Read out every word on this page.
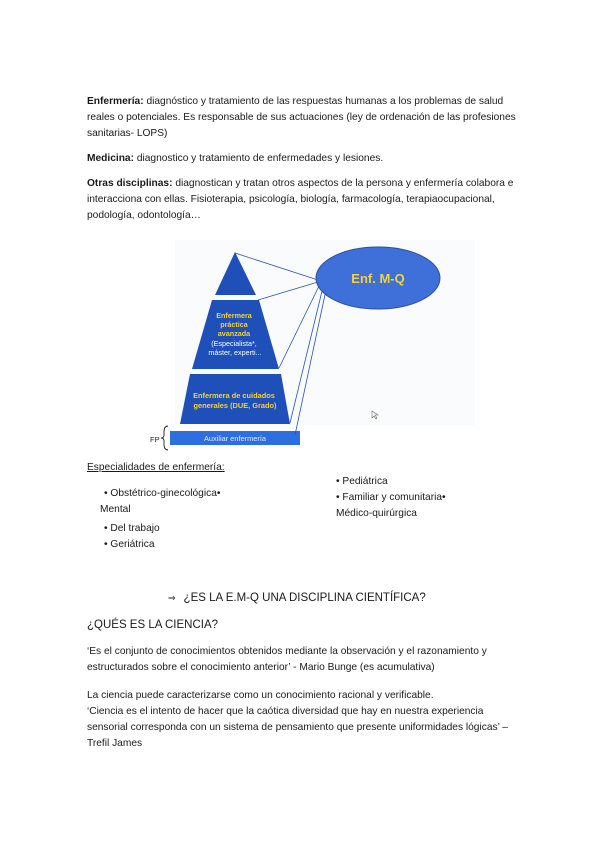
Enfermería: diagnóstico y tratamiento de las respuestas humanas a los problemas de salud reales o potenciales. Es responsable de sus actuaciones (ley de ordenación de las profesiones sanitarias- LOPS)

Medicina: diagnostico y tratamiento de enfermedades y lesiones.

Otras disciplinas: diagnostican y tratan otros aspectos de la persona y enfermería colabora e interacciona con ellas. Fisioterapia, psicología, biología, farmacología, terapiaocupacional, podología, odontología…

Enf. M-Q
Enfermera práctica avanzada (Especialista*, máster, experti...
Enfermera de cuidados generales (DUE, Grado)
Auxiliar enfermería
FP

Especialidades de enfermería:

• Obstétrico-ginecológica•
Mental
• Del trabajo
• Geriátrica
• Pediátrica
• Familiar y comunitaria•
Médico-quirúrgica

⇒ ¿ES LA E.M-Q UNA DISCIPLINA CIENTÍFICA?

¿QUÉS ES LA CIENCIA?

‘Es el conjunto de conocimientos obtenidos mediante la observación y el razonamiento y estructurados sobre el conocimiento anterior’ - Mario Bunge (es acumulativa)

La ciencia puede caracterizarse como un conocimiento racional y verificable.
‘Ciencia es el intento de hacer que la caótica diversidad que hay en nuestra experiencia sensorial corresponda con un sistema de pensamiento que presente uniformidades lógicas’ – Trefil James
